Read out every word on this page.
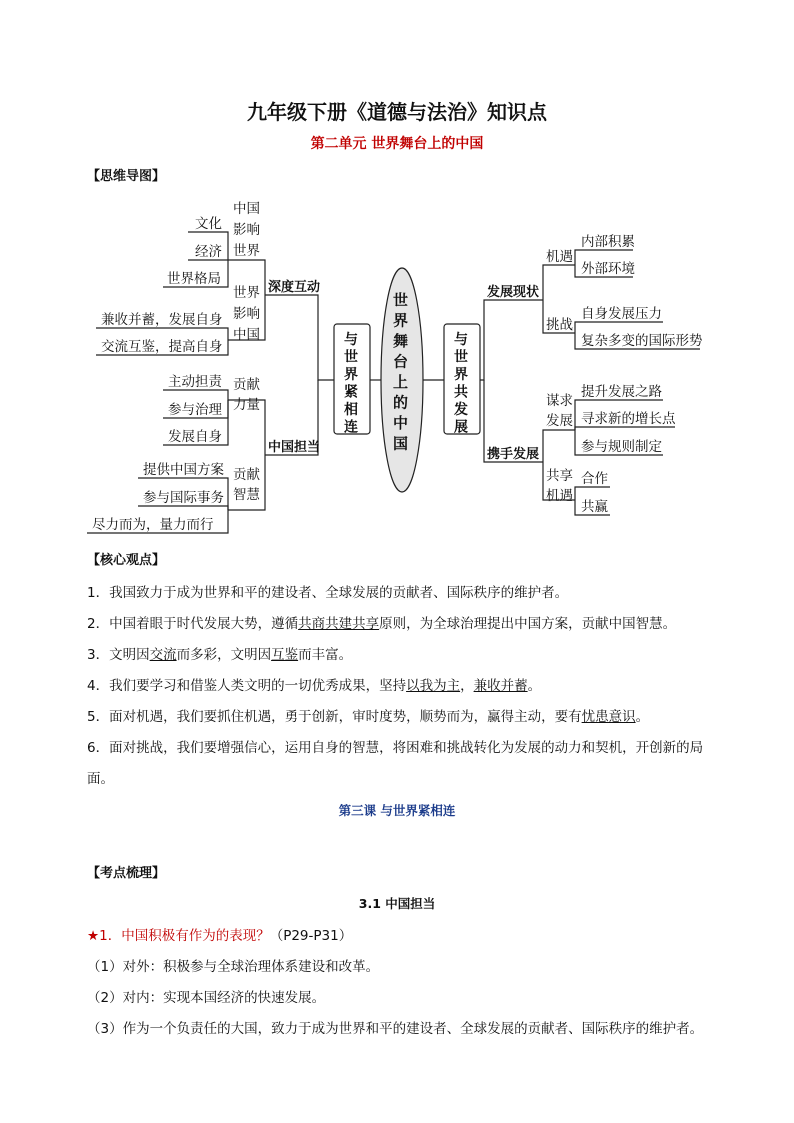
九年级下册《道德与法治》知识点
第二单元 世界舞台上的中国
【思维导图】
世
界
舞
台
上
的
中
国
与
世
界
紧
相
连
与
世
界
共
发
展
深度互动
中国
影响
世界
文化
经济
世界格局
世界
影响
中国
兼收并蓄，发展自身
交流互鉴，提高自身
中国担当
贡献
力量
主动担责
参与治理
发展自身
贡献
智慧
提供中国方案
参与国际事务
尽力而为，量力而行
发展现状
机遇
内部积累
外部环境
挑战
自身发展压力
复杂多变的国际形势
携手发展
谋求
发展
提升发展之路
寻求新的增长点
参与规则制定
共享
机遇
合作
共赢
【核心观点】
1．我国致力于成为世界和平的建设者、全球发展的贡献者、国际秩序的维护者。
2．中国着眼于时代发展大势，遵循共商共建共享原则，为全球治理提出中国方案，贡献中国智慧。
3．文明因交流而多彩，文明因互鉴而丰富。
4．我们要学习和借鉴人类文明的一切优秀成果，坚持以我为主，兼收并蓄。
5．面对机遇，我们要抓住机遇，勇于创新，审时度势，顺势而为，赢得主动，要有忧患意识。
6．面对挑战，我们要增强信心，运用自身的智慧，将困难和挑战转化为发展的动力和契机，开创新的局面。
第三课 与世界紧相连
【考点梳理】
3.1 中国担当
★1．中国积极有作为的表现？（P29-P31）
（1）对外：积极参与全球治理体系建设和改革。
（2）对内：实现本国经济的快速发展。
（3）作为一个负责任的大国，致力于成为世界和平的建设者、全球发展的贡献者、国际秩序的维护者。
